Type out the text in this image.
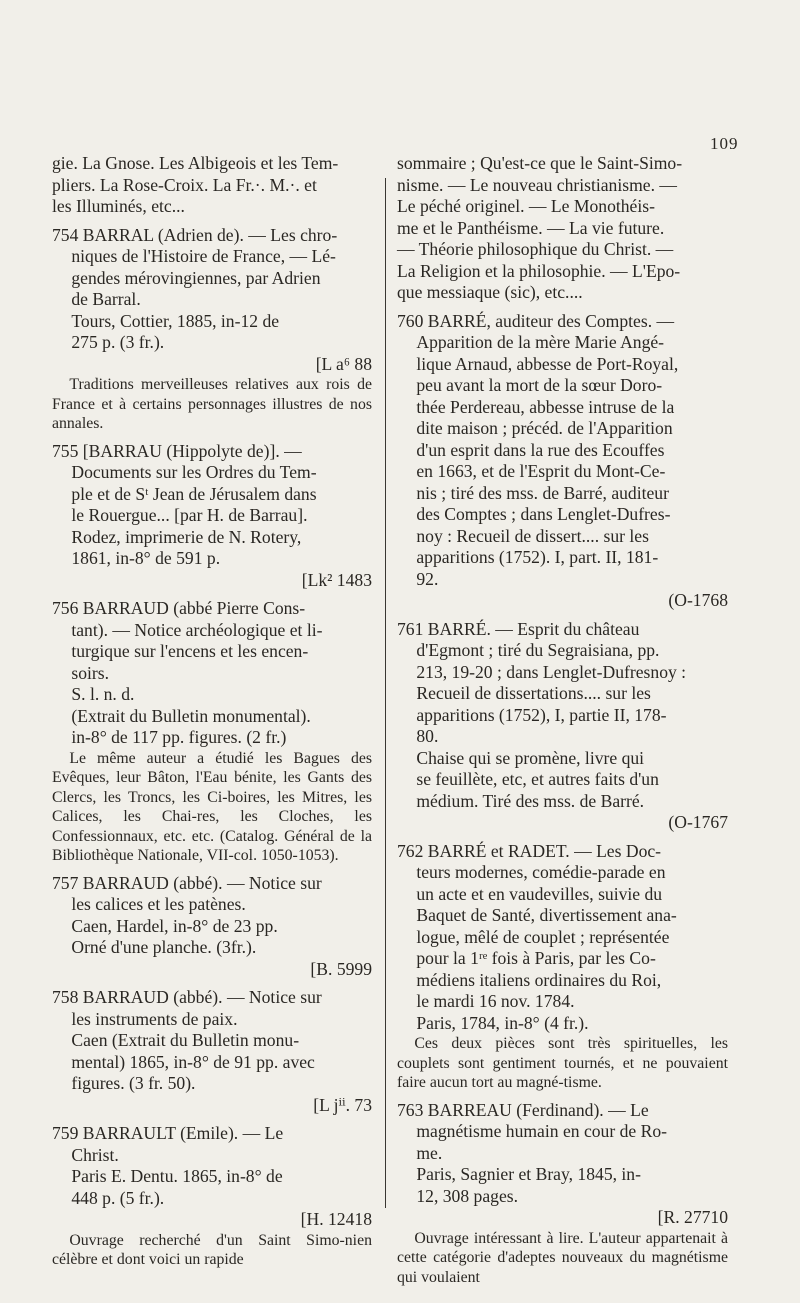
109

gie. La Gnose. Les Albigeois et les Tem-

pliers. La Rose-Croix. La Fr.·. M.·. et

les Illuminés, etc...

754 BARRAL (Adrien de). — Les chro-

niques de l'Histoire de France, — Lé-

gendes mérovingiennes, par Adrien

de Barral.

Tours, Cottier, 1885, in-12 de

275 p. (3 fr.).

[L a⁶ 88

Traditions merveilleuses relatives aux rois de France et à certains personnages illustres de nos annales.

755 [BARRAU (Hippolyte de)]. —

Documents sur les Ordres du Tem-

ple et de Sᵗ Jean de Jérusalem dans

le Rouergue... [par H. de Barrau].

Rodez, imprimerie de N. Rotery,

1861, in-8° de 591 p.

[Lk² 1483

756 BARRAUD (abbé Pierre Cons-

tant). — Notice archéologique et li-

turgique sur l'encens et les encen-

soirs.

S. l. n. d.

(Extrait du Bulletin monumental).

in-8° de 117 pp. figures. (2 fr.)

Le même auteur a étudié les Bagues des Evêques, leur Bâton, l'Eau bénite, les Gants des Clercs, les Troncs, les Ci-boires, les Mitres, les Calices, les Chai-res, les Cloches, les Confessionnaux, etc. etc. (Catalog. Général de la Bibliothèque Nationale, VII-col. 1050-1053).

757 BARRAUD (abbé). — Notice sur

les calices et les patènes.

Caen, Hardel, in-8° de 23 pp.

Orné d'une planche. (3fr.).

[B. 5999

758 BARRAUD (abbé). — Notice sur

les instruments de paix.

Caen (Extrait du Bulletin monu-

mental) 1865, in-8° de 91 pp. avec

figures. (3 fr. 50).

[L jⁱⁱ. 73

759 BARRAULT (Emile). — Le

Christ.

Paris E. Dentu. 1865, in-8° de

448 p. (5 fr.).

[H. 12418

Ouvrage recherché d'un Saint Simo-nien célèbre et dont voici un rapide

sommaire ; Qu'est-ce que le Saint-Simo-

nisme. — Le nouveau christianisme. —

Le péché originel. — Le Monothéis-

me et le Panthéisme. — La vie future.

— Théorie philosophique du Christ. —

La Religion et la philosophie. — L'Epo-

que messiaque (sic), etc....

760 BARRÉ, auditeur des Comptes. —

Apparition de la mère Marie Angé-

lique Arnaud, abbesse de Port-Royal,

peu avant la mort de la sœur Doro-

thée Perdereau, abbesse intruse de la

dite maison ; précéd. de l'Apparition

d'un esprit dans la rue des Ecouffes

en 1663, et de l'Esprit du Mont-Ce-

nis ; tiré des mss. de Barré, auditeur

des Comptes ; dans Lenglet-Dufres-

noy : Recueil de dissert.... sur les

apparitions (1752). I, part. II, 181-

92.

(O-1768

761 BARRÉ. — Esprit du château

d'Egmont ; tiré du Segraisiana, pp.

213, 19-20 ; dans Lenglet-Dufresnoy :

Recueil de dissertations.... sur les

apparitions (1752), I, partie II, 178-

80.

Chaise qui se promène, livre qui

se feuillète, etc, et autres faits d'un

médium. Tiré des mss. de Barré.

(O-1767

762 BARRÉ et RADET. — Les Doc-

teurs modernes, comédie-parade en

un acte et en vaudevilles, suivie du

Baquet de Santé, divertissement ana-

logue, mêlé de couplet ; représentée

pour la 1ʳᵉ fois à Paris, par les Co-

médiens italiens ordinaires du Roi,

le mardi 16 nov. 1784.

Paris, 1784, in-8° (4 fr.).

Ces deux pièces sont très spirituelles, les couplets sont gentiment tournés, et ne pouvaient faire aucun tort au magné-tisme.

763 BARREAU (Ferdinand). — Le

magnétisme humain en cour de Ro-

me.

Paris, Sagnier et Bray, 1845, in-

12, 308 pages.

[R. 27710

Ouvrage intéressant à lire. L'auteur appartenait à cette catégorie d'adeptes nouveaux du magnétisme qui voulaient
